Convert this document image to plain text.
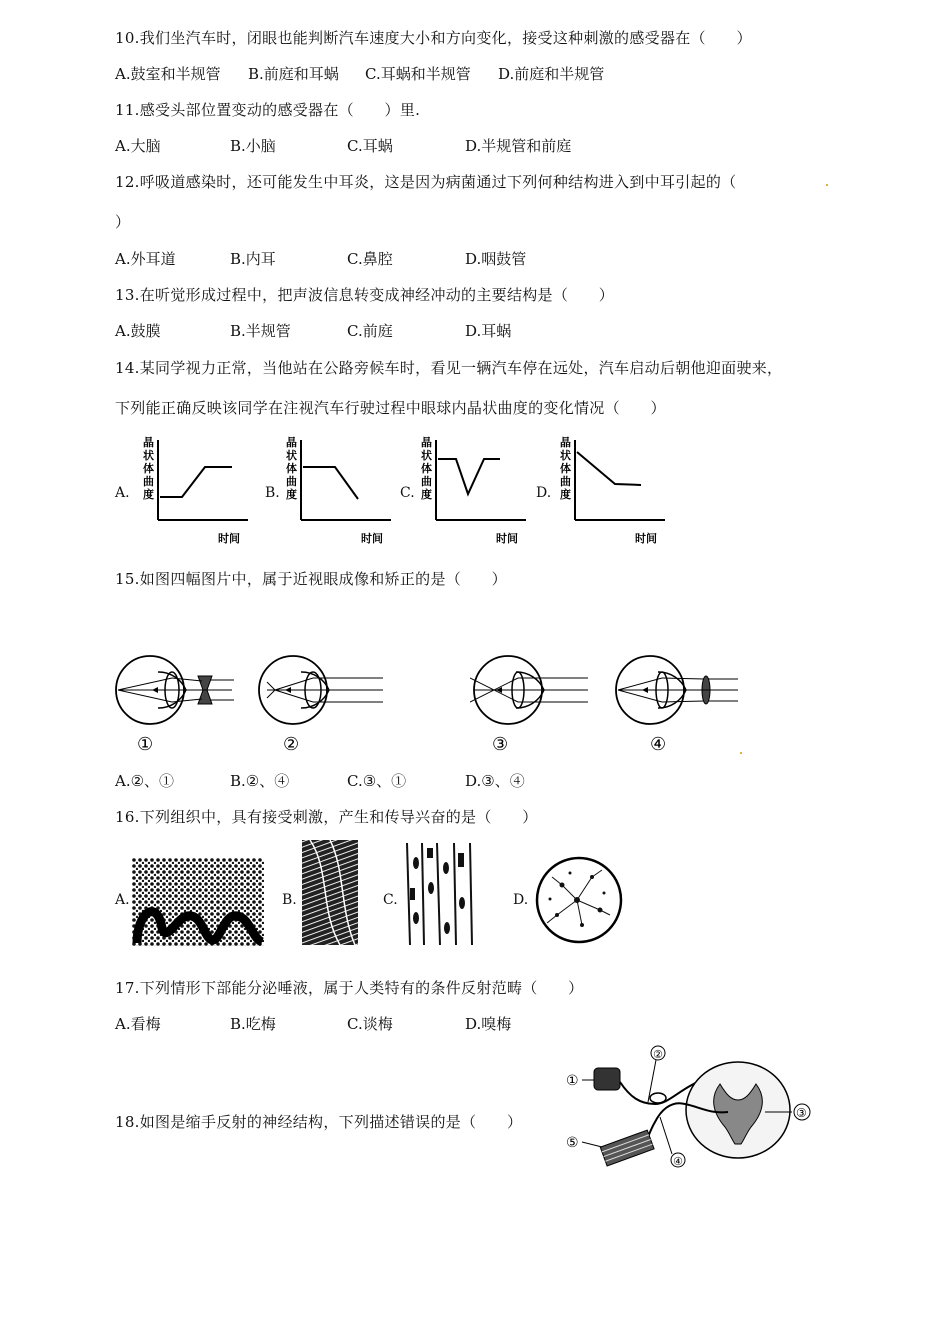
10.我们坐汽车时，闭眼也能判断汽车速度大小和方向变化，接受这种刺激的感受器在（　　）
A.鼓室和半规管 B.前庭和耳蜗 C.耳蜗和半规管 D.前庭和半规管
11.感受头部位置变动的感受器在（　　）里.
A.大脑	B.小脑	C.耳蜗	D.半规管和前庭
12.呼吸道感染时，还可能发生中耳炎，这是因为病菌通过下列何种结构进入到中耳引起的（
）
A.外耳道	B.内耳	C.鼻腔	D.咽鼓管
13.在听觉形成过程中，把声波信息转变成神经冲动的主要结构是（　　）
A.鼓膜	B.半规管	C.前庭	D.耳蜗
14.某同学视力正常，当他站在公路旁候车时，看见一辆汽车停在远处，汽车启动后朝他迎面驶来，
下列能正确反映该同学在注视汽车行驶过程中眼球内晶状曲度的变化情况（　　）
A.	B.	C.	D.
晶状体曲度
时间
晶状体曲度
时间
晶状体曲度
时间
晶状体曲度
时间
15.如图四幅图片中，属于近视眼成像和矫正的是（　　）
①	②	③	④
A.②、①	B.②、④	C.③、①	D.③、④
16.下列组织中，具有接受刺激，产生和传导兴奋的是（　　）
A.	B.	C.	D.
17.下列情形下部能分泌唾液，属于人类特有的条件反射范畴（　　）
A.看梅	B.吃梅	C.谈梅	D.嗅梅
18.如图是缩手反射的神经结构，下列描述错误的是（　　）
①
②
③
④
⑤
